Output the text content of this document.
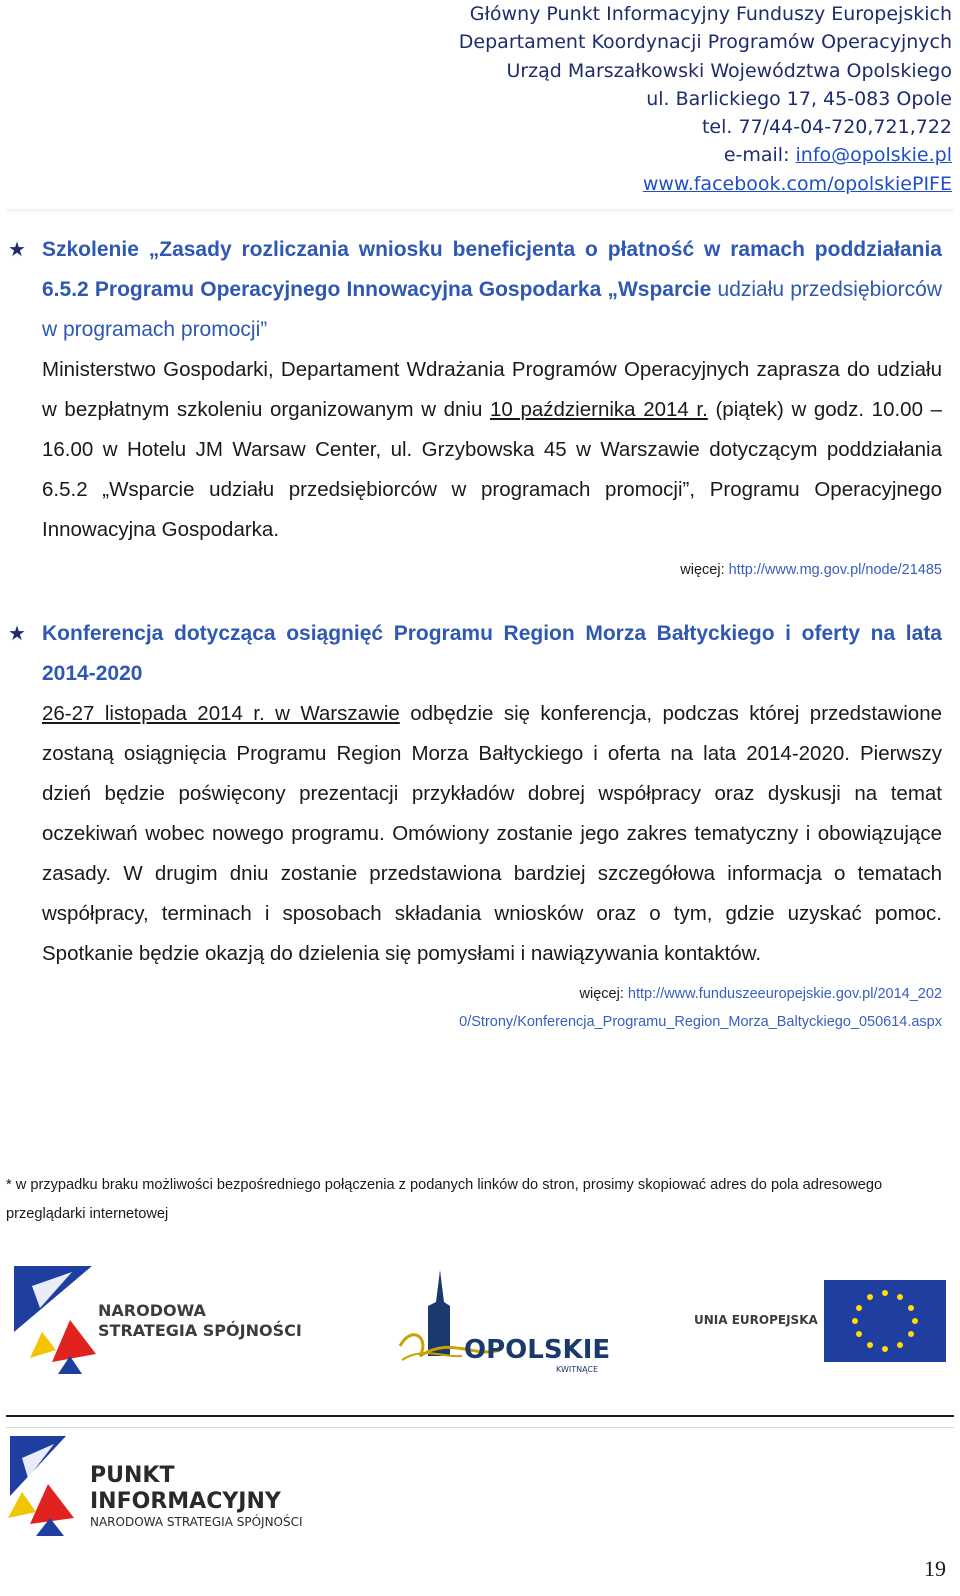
Główny Punkt Informacyjny Funduszy Europejskich
Departament Koordynacji Programów Operacyjnych
Urząd Marszałkowski Województwa Opolskiego
ul. Barlickiego 17, 45-083 Opole
tel. 77/44-04-720,721,722
e-mail: info@opolskie.pl
www.facebook.com/opolskiePIFE
★ Szkolenie „Zasady rozliczania wniosku beneficjenta o płatność w ramach poddziałania 6.5.2 Programu Operacyjnego Innowacyjna Gospodarka „Wsparcie udziału przedsiębiorców w programach promocji”

Ministerstwo Gospodarki, Departament Wdrażania Programów Operacyjnych zaprasza do udziału w bezpłatnym szkoleniu organizowanym w dniu 10 października 2014 r. (piątek) w godz. 10.00 – 16.00 w Hotelu JM Warsaw Center, ul. Grzybowska 45 w Warszawie dotyczącym poddziałania 6.5.2 „Wsparcie udziału przedsiębiorców w programach promocji”, Programu Operacyjnego Innowacyjna Gospodarka.

więcej: http://www.mg.gov.pl/node/21485

★ Konferencja dotycząca osiągnięć Programu Region Morza Bałtyckiego i oferty na lata 2014-2020

26-27 listopada 2014 r. w Warszawie odbędzie się konferencja, podczas której przedstawione zostaną osiągnięcia Programu Region Morza Bałtyckiego i oferta na lata 2014-2020. Pierwszy dzień będzie poświęcony prezentacji przykładów dobrej współpracy oraz dyskusji na temat oczekiwań wobec nowego programu. Omówiony zostanie jego zakres tematyczny i obowiązujące zasady. W drugim dniu zostanie przedstawiona bardziej szczegółowa informacja o tematach współpracy, terminach i sposobach składania wniosków oraz o tym, gdzie uzyskać pomoc. Spotkanie będzie okazją do dzielenia się pomysłami i nawiązywania kontaktów.

więcej: http://www.funduszeeuropejskie.gov.pl/2014_202
0/Strony/Konferencja_Programu_Region_Morza_Baltyckiego_050614.aspx

* w przypadku braku możliwości bezpośredniego połączenia z podanych linków do stron, prosimy skopiować adres do pola adresowego przeglądarki internetowej
NARODOWA
STRATEGIA SPÓJNOŚCI
OPOLSKIE
KWITNĄCE
UNIA EUROPEJSKA
PUNKT
INFORMACYJNY
NARODOWA STRATEGIA SPÓJNOŚCI
19
